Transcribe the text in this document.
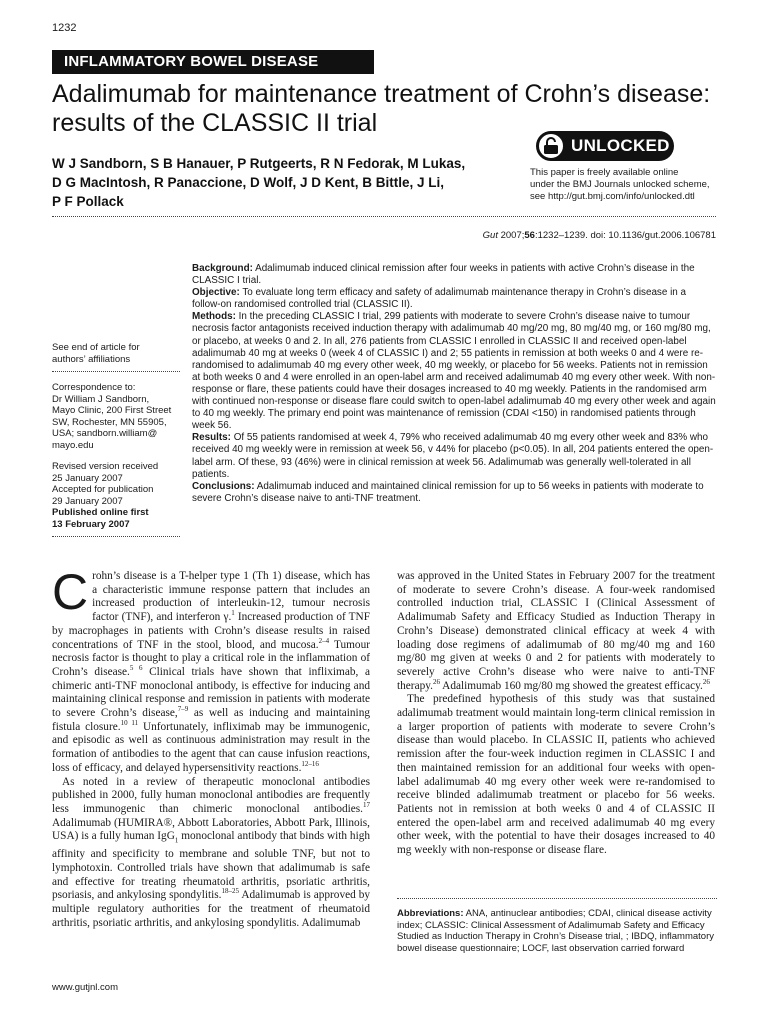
1232
INFLAMMATORY BOWEL DISEASE
Adalimumab for maintenance treatment of Crohn’s disease:
results of the CLASSIC II trial
W J Sandborn, S B Hanauer, P Rutgeerts, R N Fedorak, M Lukas,
D G MacIntosh, R Panaccione, D Wolf, J D Kent, B Bittle, J Li,
P F Pollack
UNLOCKED
This paper is freely available online
under the BMJ Journals unlocked scheme,
see http://gut.bmj.com/info/unlocked.dtl
Gut 2007;56:1232–1239. doi: 10.1136/gut.2006.106781

See end of article for

authors’ affiliations

Correspondence to:

Dr William J Sandborn,

Mayo Clinic, 200 First Street

SW, Rochester, MN 55905,

USA; sandborn.william@

mayo.edu

Revised version received

25 January 2007

Accepted for publication

29 January 2007

Published online first

13 February 2007

Background: Adalimumab induced clinical remission after four weeks in patients with active Crohn’s disease in the CLASSIC I trial.

Objective: To evaluate long term efficacy and safety of adalimumab maintenance therapy in Crohn’s disease in a follow-on randomised controlled trial (CLASSIC II).

Methods: In the preceding CLASSIC I trial, 299 patients with moderate to severe Crohn’s disease naive to tumour necrosis factor antagonists received induction therapy with adalimumab 40 mg/20 mg, 80 mg/40 mg, or 160 mg/80 mg, or placebo, at weeks 0 and 2. In all, 276 patients from CLASSIC I enrolled in CLASSIC II and received open-label adalimumab 40 mg at weeks 0 (week 4 of CLASSIC I) and 2; 55 patients in remission at both weeks 0 and 4 were re-randomised to adalimumab 40 mg every other week, 40 mg weekly, or placebo for 56 weeks. Patients not in remission at both weeks 0 and 4 were enrolled in an open-label arm and received adalimumab 40 mg every other week. With non-response or flare, these patients could have their dosages increased to 40 mg weekly. Patients in the randomised arm with continued non-response or disease flare could switch to open-label adalimumab 40 mg every other week and again to 40 mg weekly. The primary end point was maintenance of remission (CDAI <150) in randomised patients through week 56.

Results: Of 55 patients randomised at week 4, 79% who received adalimumab 40 mg every other week and 83% who received 40 mg weekly were in remission at week 56, v 44% for placebo (p<0.05). In all, 204 patients entered the open-label arm. Of these, 93 (46%) were in clinical remission at week 56. Adalimumab was generally well-tolerated in all patients.

Conclusions: Adalimumab induced and maintained clinical remission for up to 56 weeks in patients with moderate to severe Crohn’s disease naive to anti-TNF treatment.

Crohn’s disease is a T-helper type 1 (Th 1) disease, which has a characteristic immune response pattern that includes an increased production of interleukin-12, tumour necrosis factor (TNF), and interferon γ.$^1$ Increased production of TNF by macrophages in patients with Crohn’s disease results in raised concentrations of TNF in the stool, blood, and mucosa.$^{2-4}$ Tumour necrosis factor is thought to play a critical role in the inflammation of Crohn’s disease.$^{5 6}$ Clinical trials have shown that infliximab, a chimeric anti-TNF monoclonal antibody, is effective for inducing and maintaining clinical response and remission in patients with moderate to severe Crohn’s disease,$^{7-9}$ as well as inducing and maintaining fistula closure.$^{10 11}$ Unfortunately, infliximab may be immunogenic, and episodic as well as continuous administration may result in the formation of antibodies to the agent that can cause infusion reactions, loss of efficacy, and delayed hypersensitivity reactions.$^{12-16}$

As noted in a review of therapeutic monoclonal antibodies published in 2000, fully human monoclonal antibodies are frequently less immunogenic than chimeric monoclonal antibodies.$^{17}$ Adalimumab (HUMIRA®, Abbott Laboratories, Abbott Park, Illinois, USA) is a fully human IgG$_1$ monoclonal antibody that binds with high affinity and specificity to membrane and soluble TNF, but not to lymphotoxin. Controlled trials have shown that adalimumab is safe and effective for treating rheumatoid arthritis, psoriatic arthritis, psoriasis, and ankylosing spondylitis.$^{18-25}$ Adalimumab is approved by multiple regulatory authorities for the treatment of rheumatoid arthritis, psoriatic arthritis, and ankylosing spondylitis. Adalimumab

was approved in the United States in February 2007 for the treatment of moderate to severe Crohn’s disease. A four-week randomised controlled induction trial, CLASSIC I (Clinical Assessment of Adalimumab Safety and Efficacy Studied as Induction Therapy in Crohn’s Disease) demonstrated clinical efficacy at week 4 with loading dose regimens of adalimumab of 80 mg/40 mg and 160 mg/80 mg given at weeks 0 and 2 for patients with moderately to severely active Crohn’s disease who were naive to anti-TNF therapy.$^{26}$ Adalimumab 160 mg/80 mg showed the greatest efficacy.$^{26}$

The predefined hypothesis of this study was that sustained adalimumab treatment would maintain long-term clinical remission in a larger proportion of patients with moderate to severe Crohn’s disease than would placebo. In CLASSIC II, patients who achieved remission after the four-week induction regimen in CLASSIC I and then maintained remission for an additional four weeks with open-label adalimumab 40 mg every other week were re-randomised to receive blinded adalimumab treatment or placebo for 56 weeks. Patients not in remission at both weeks 0 and 4 of CLASSIC II entered the open-label arm and received adalimumab 40 mg every other week, with the potential to have their dosages increased to 40 mg weekly with non-response or disease flare.

Abbreviations: ANA, antinuclear antibodies; CDAI, clinical disease activity index; CLASSIC: Clinical Assessment of Adalimumab Safety and Efficacy Studied as Induction Therapy in Crohn’s Disease trial, ; IBDQ, inflammatory bowel disease questionnaire; LOCF, last observation carried forward
www.gutjnl.com
